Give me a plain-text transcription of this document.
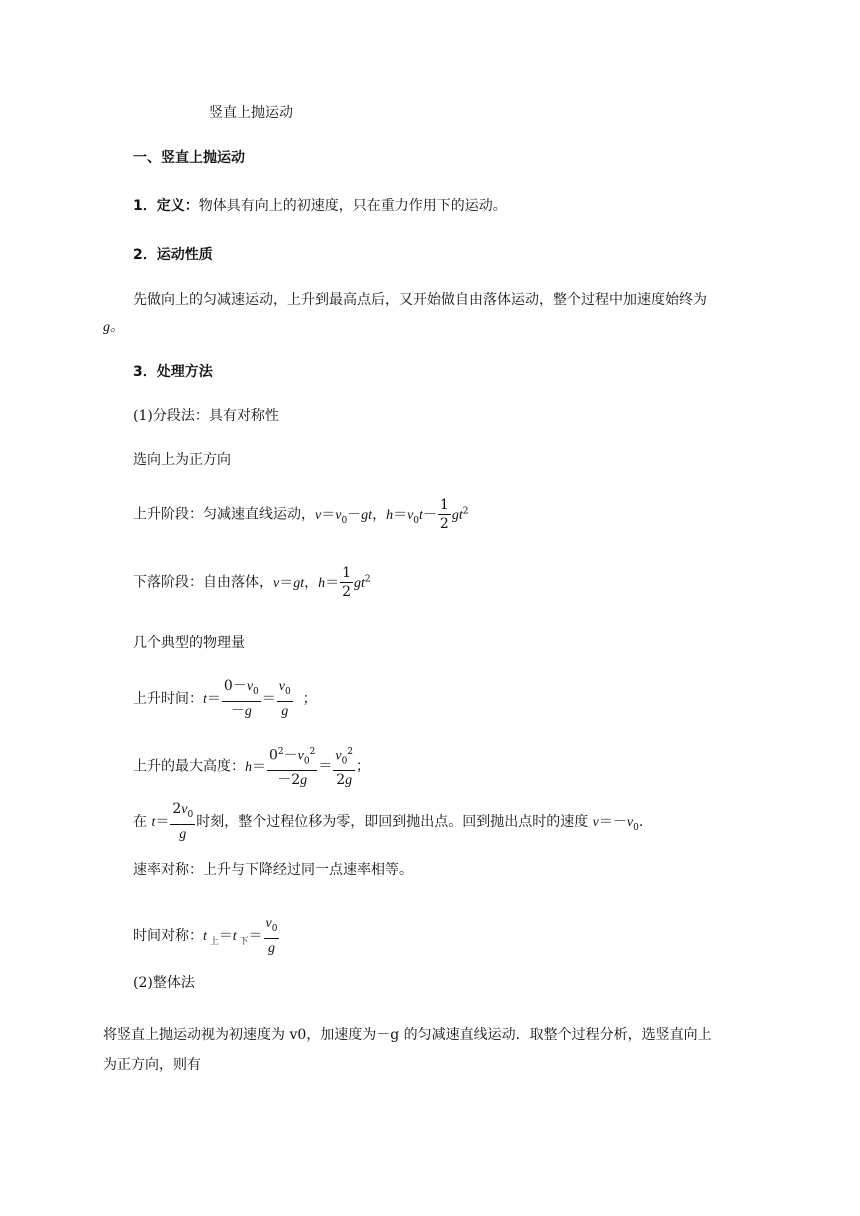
竖直上抛运动
一、竖直上抛运动
1．定义：物体具有向上的初速度，只在重力作用下的运动。
2．运动性质
先做向上的匀减速运动，上升到最高点后，又开始做自由落体运动，整个过程中加速度始终为
g。
3．处理方法
(1)分段法：具有对称性
选向上为正方向
上升阶段：匀减速直线运动，$v=v_0-gt$，$h=v_0t- \frac{1}{2} gt^2$
下落阶段：自由落体，v＝gt，$h= \frac{1}{2} gt^2$
几个典型的物理量
上升时间：$t= \frac{0-v_0}{-g} = \frac{v_0}{g}$ ；
上升的最大高度：$h= \frac{0^2-v_0^2}{-2g} = \frac{v_0^2}{2g}$ ；
在 $t= \frac{2v_0}{g}$ 时刻，整个过程位移为零，即回到抛出点。回到抛出点时的速度 $v=-v_0$.
速率对称：上升与下降经过同一点速率相等。
时间对称：t $_上$＝t $_下= \frac{v_0}{g}$
(2)整体法
将竖直上抛运动视为初速度为 v0，加速度为－g 的匀减速直线运动．取整个过程分析，选竖直向上
为正方向，则有
